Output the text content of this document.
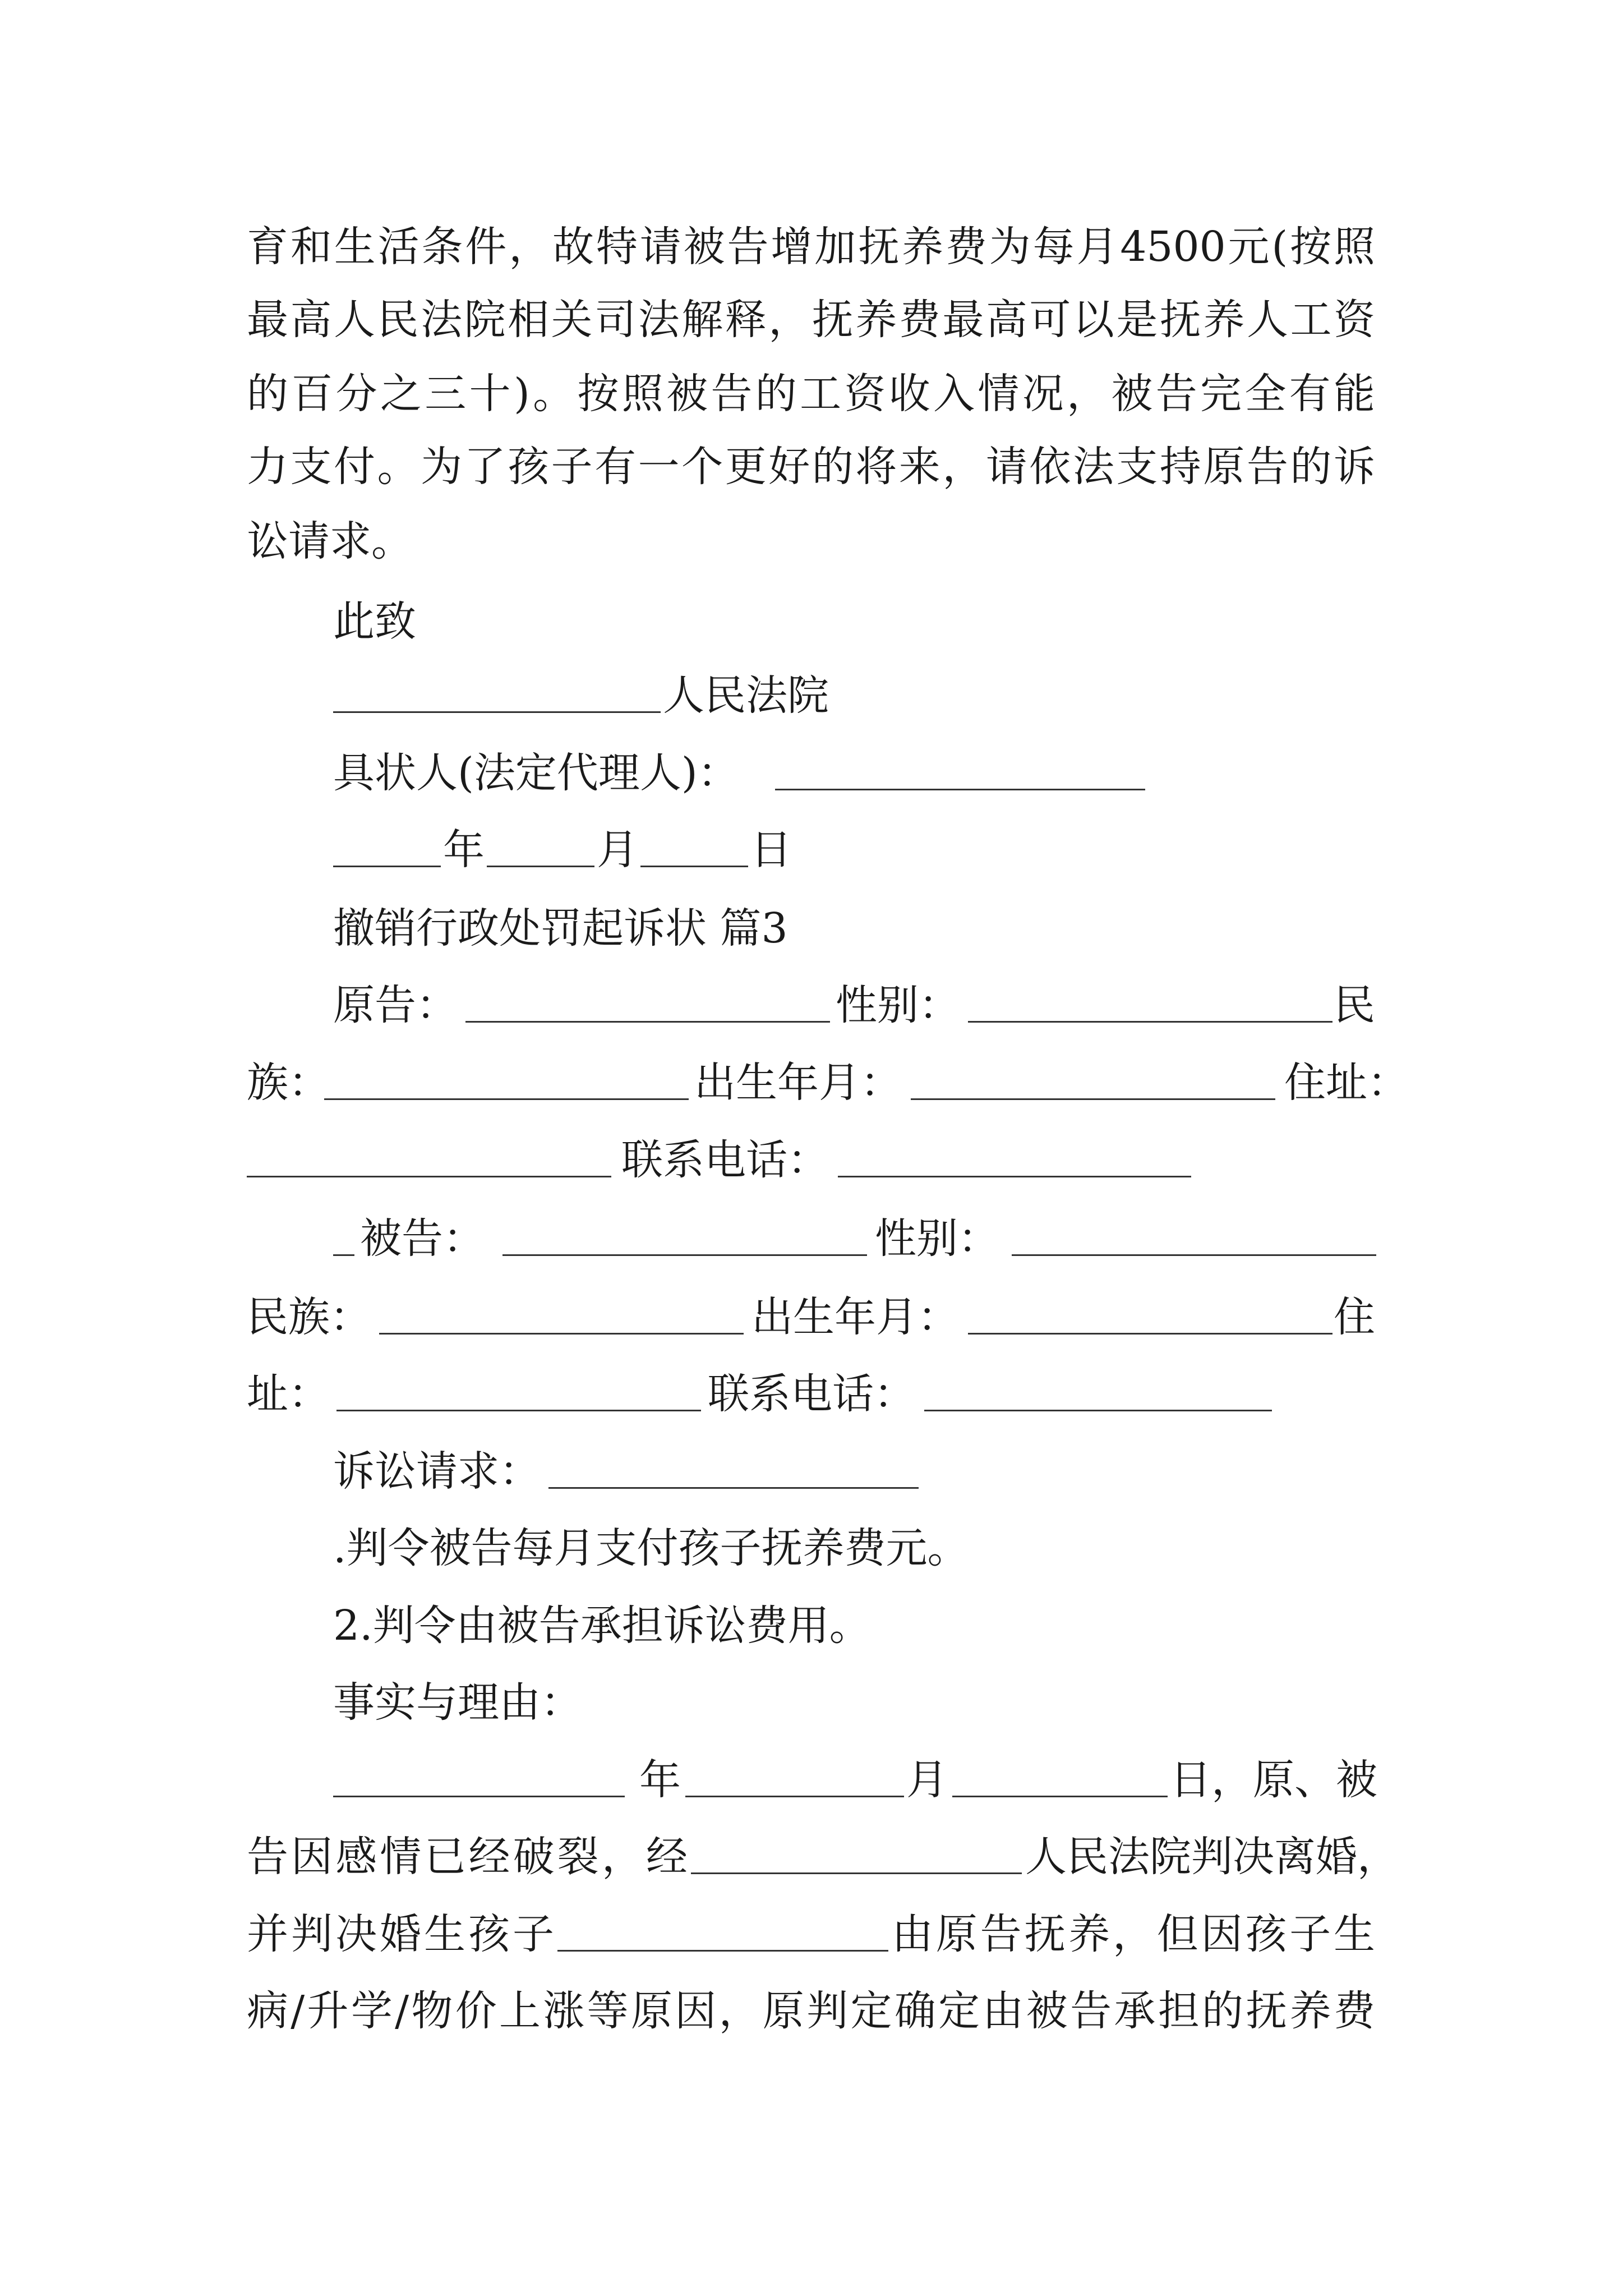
育和生活条件，故特请被告增加抚养费为每月4500元(按照
最高人民法院相关司法解释，抚养费最高可以是抚养人工资
的百分之三十)。按照被告的工资收入情况，被告完全有能
力支付。为了孩子有一个更好的将来，请依法支持原告的诉
讼请求。
此致
人民法院
具状人(法定代理人)：
年	月	日
撤销行政处罚起诉状 篇3
原告：	性别：	民
族：	出生年月：	住址：
联系电话：
被告：	性别：
民族：	出生年月：	住
址：	联系电话：
诉讼请求：
.判令被告每月支付孩子抚养费元。
2.判令由被告承担诉讼费用。
事实与理由：
年	月	日，原、被
告因感情已经破裂，经	人民法院判决离婚，
并判决婚生孩子	由原告抚养，但因孩子生
病/升学/物价上涨等原因，原判定确定由被告承担的抚养费
